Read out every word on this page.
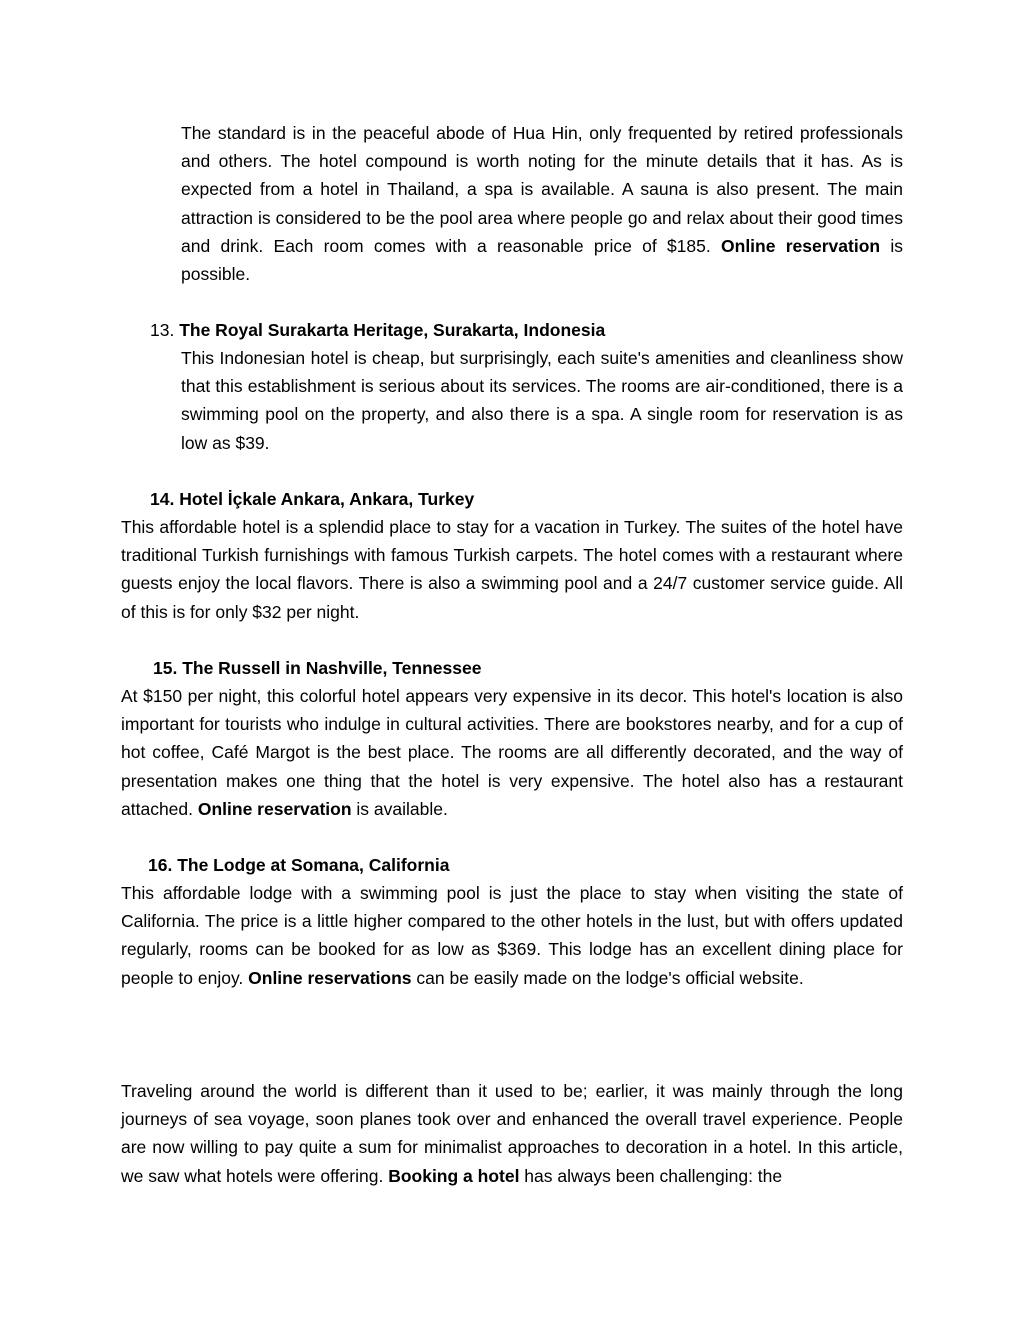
The standard is in the peaceful abode of Hua Hin, only frequented by retired professionals and others. The hotel compound is worth noting for the minute details that it has. As is expected from a hotel in Thailand, a spa is available. A sauna is also present. The main attraction is considered to be the pool area where people go and relax about their good times and drink. Each room comes with a reasonable price of $185. Online reservation is possible.

13. The Royal Surakarta Heritage, Surakarta, Indonesia

This Indonesian hotel is cheap, but surprisingly, each suite's amenities and cleanliness show that this establishment is serious about its services. The rooms are air-conditioned, there is a swimming pool on the property, and also there is a spa. A single room for reservation is as low as $39.

14. Hotel İçkale Ankara, Ankara, Turkey

This affordable hotel is a splendid place to stay for a vacation in Turkey. The suites of the hotel have traditional Turkish furnishings with famous Turkish carpets. The hotel comes with a restaurant where guests enjoy the local flavors. There is also a swimming pool and a 24/7 customer service guide. All of this is for only $32 per night.

15. The Russell in Nashville, Tennessee

At $150 per night, this colorful hotel appears very expensive in its decor. This hotel's location is also important for tourists who indulge in cultural activities. There are bookstores nearby, and for a cup of hot coffee, Café Margot is the best place. The rooms are all differently decorated, and the way of presentation makes one thing that the hotel is very expensive. The hotel also has a restaurant attached. Online reservation is available.

16. The Lodge at Somana, California

This affordable lodge with a swimming pool is just the place to stay when visiting the state of California. The price is a little higher compared to the other hotels in the lust, but with offers updated regularly, rooms can be booked for as low as $369. This lodge has an excellent dining place for people to enjoy. Online reservations can be easily made on the lodge's official website.

Traveling around the world is different than it used to be; earlier, it was mainly through the long journeys of sea voyage, soon planes took over and enhanced the overall travel experience. People are now willing to pay quite a sum for minimalist approaches to decoration in a hotel. In this article, we saw what hotels were offering. Booking a hotel has always been challenging: the
